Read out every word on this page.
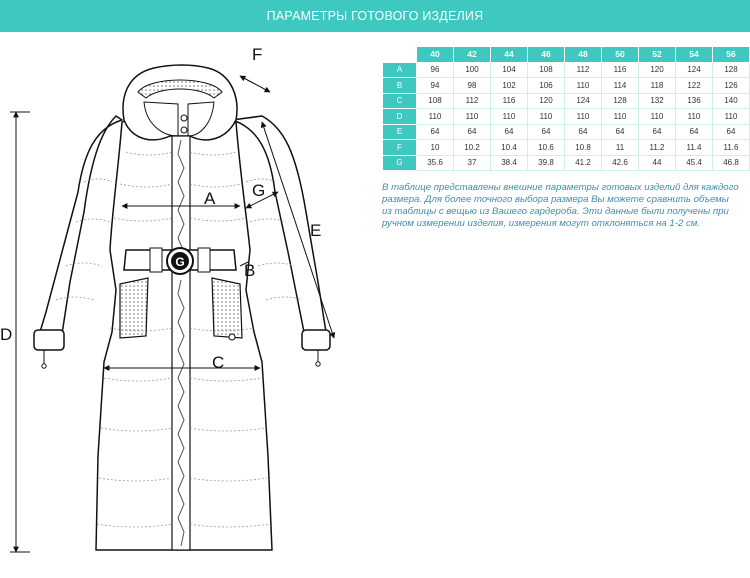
ПАРАМЕТРЫ ГОТОВОГО ИЗДЕЛИЯ
G
F
A G
E
B
C
D
	40	42	44	46	48	50	52	54	56
A	96	100	104	108	112	116	120	124	128
B	94	98	102	106	110	114	118	122	126
C	108	112	116	120	124	128	132	136	140
D	110	110	110	110	110	110	110	110	110
E	64	64	64	64	64	64	64	64	64
F	10	10.2	10.4	10.6	10.8	11	11.2	11.4	11.6
G	35.6	37	38.4	39.8	41.2	42.6	44	45.4	46.8

В таблице представлены внешние параметры готовых изделий для каждого размера. Для более точного выбора размера Вы можете сравнить объемы из таблицы с вещью из Вашего гардероба. Эти данные были получены при ручном измерении изделия, измерения могут отклоняться на 1-2 см.
